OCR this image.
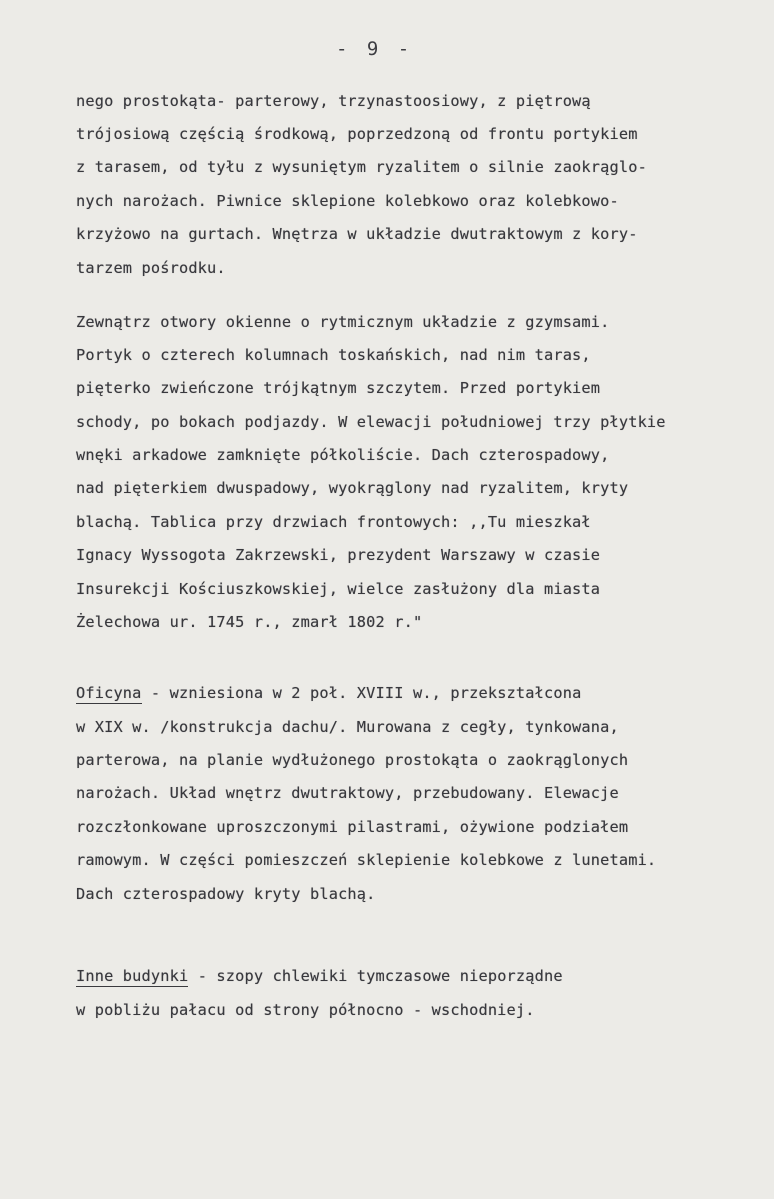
- 9 -
nego prostokąta- parterowy, trzynastoosiowy, z piętrową
trójosiową częścią środkową, poprzedzoną od frontu portykiem
z tarasem, od tyłu z wysuniętym ryzalitem o silnie zaokrąglo-
nych narożach. Piwnice sklepione kolebkowo oraz kolebkowo-
krzyżowo na gurtach. Wnętrza w układzie dwutraktowym z kory-
tarzem pośrodku.
Zewnątrz otwory okienne o rytmicznym układzie z gzymsami.
Portyk o czterech kolumnach toskańskich, nad nim taras,
pięterko zwieńczone trójkątnym szczytem. Przed portykiem
schody, po bokach podjazdy. W elewacji południowej trzy płytkie
wnęki arkadowe zamknięte półkoliście. Dach czterospadowy,
nad pięterkiem dwuspadowy, wyokrąglony nad ryzalitem, kryty
blachą. Tablica przy drzwiach frontowych: ,,Tu mieszkał
Ignacy Wyssogota Zakrzewski, prezydent Warszawy w czasie
Insurekcji Kościuszkowskiej, wielce zasłużony dla miasta
Żelechowa ur. 1745 r., zmarł 1802 r."
Oficyna - wzniesiona w 2 poł. XVIII w., przekształcona
w XIX w. /konstrukcja dachu/. Murowana z cegły, tynkowana,
parterowa, na planie wydłużonego prostokąta o zaokrąglonych
narożach. Układ wnętrz dwutraktowy, przebudowany. Elewacje
rozczłonkowane uproszczonymi pilastrami, ożywione podziałem
ramowym. W części pomieszczeń sklepienie kolebkowe z lunetami.
Dach czterospadowy kryty blachą.
Inne budynki - szopy chlewiki tymczasowe nieporządne
w pobliżu pałacu od strony północno - wschodniej.
